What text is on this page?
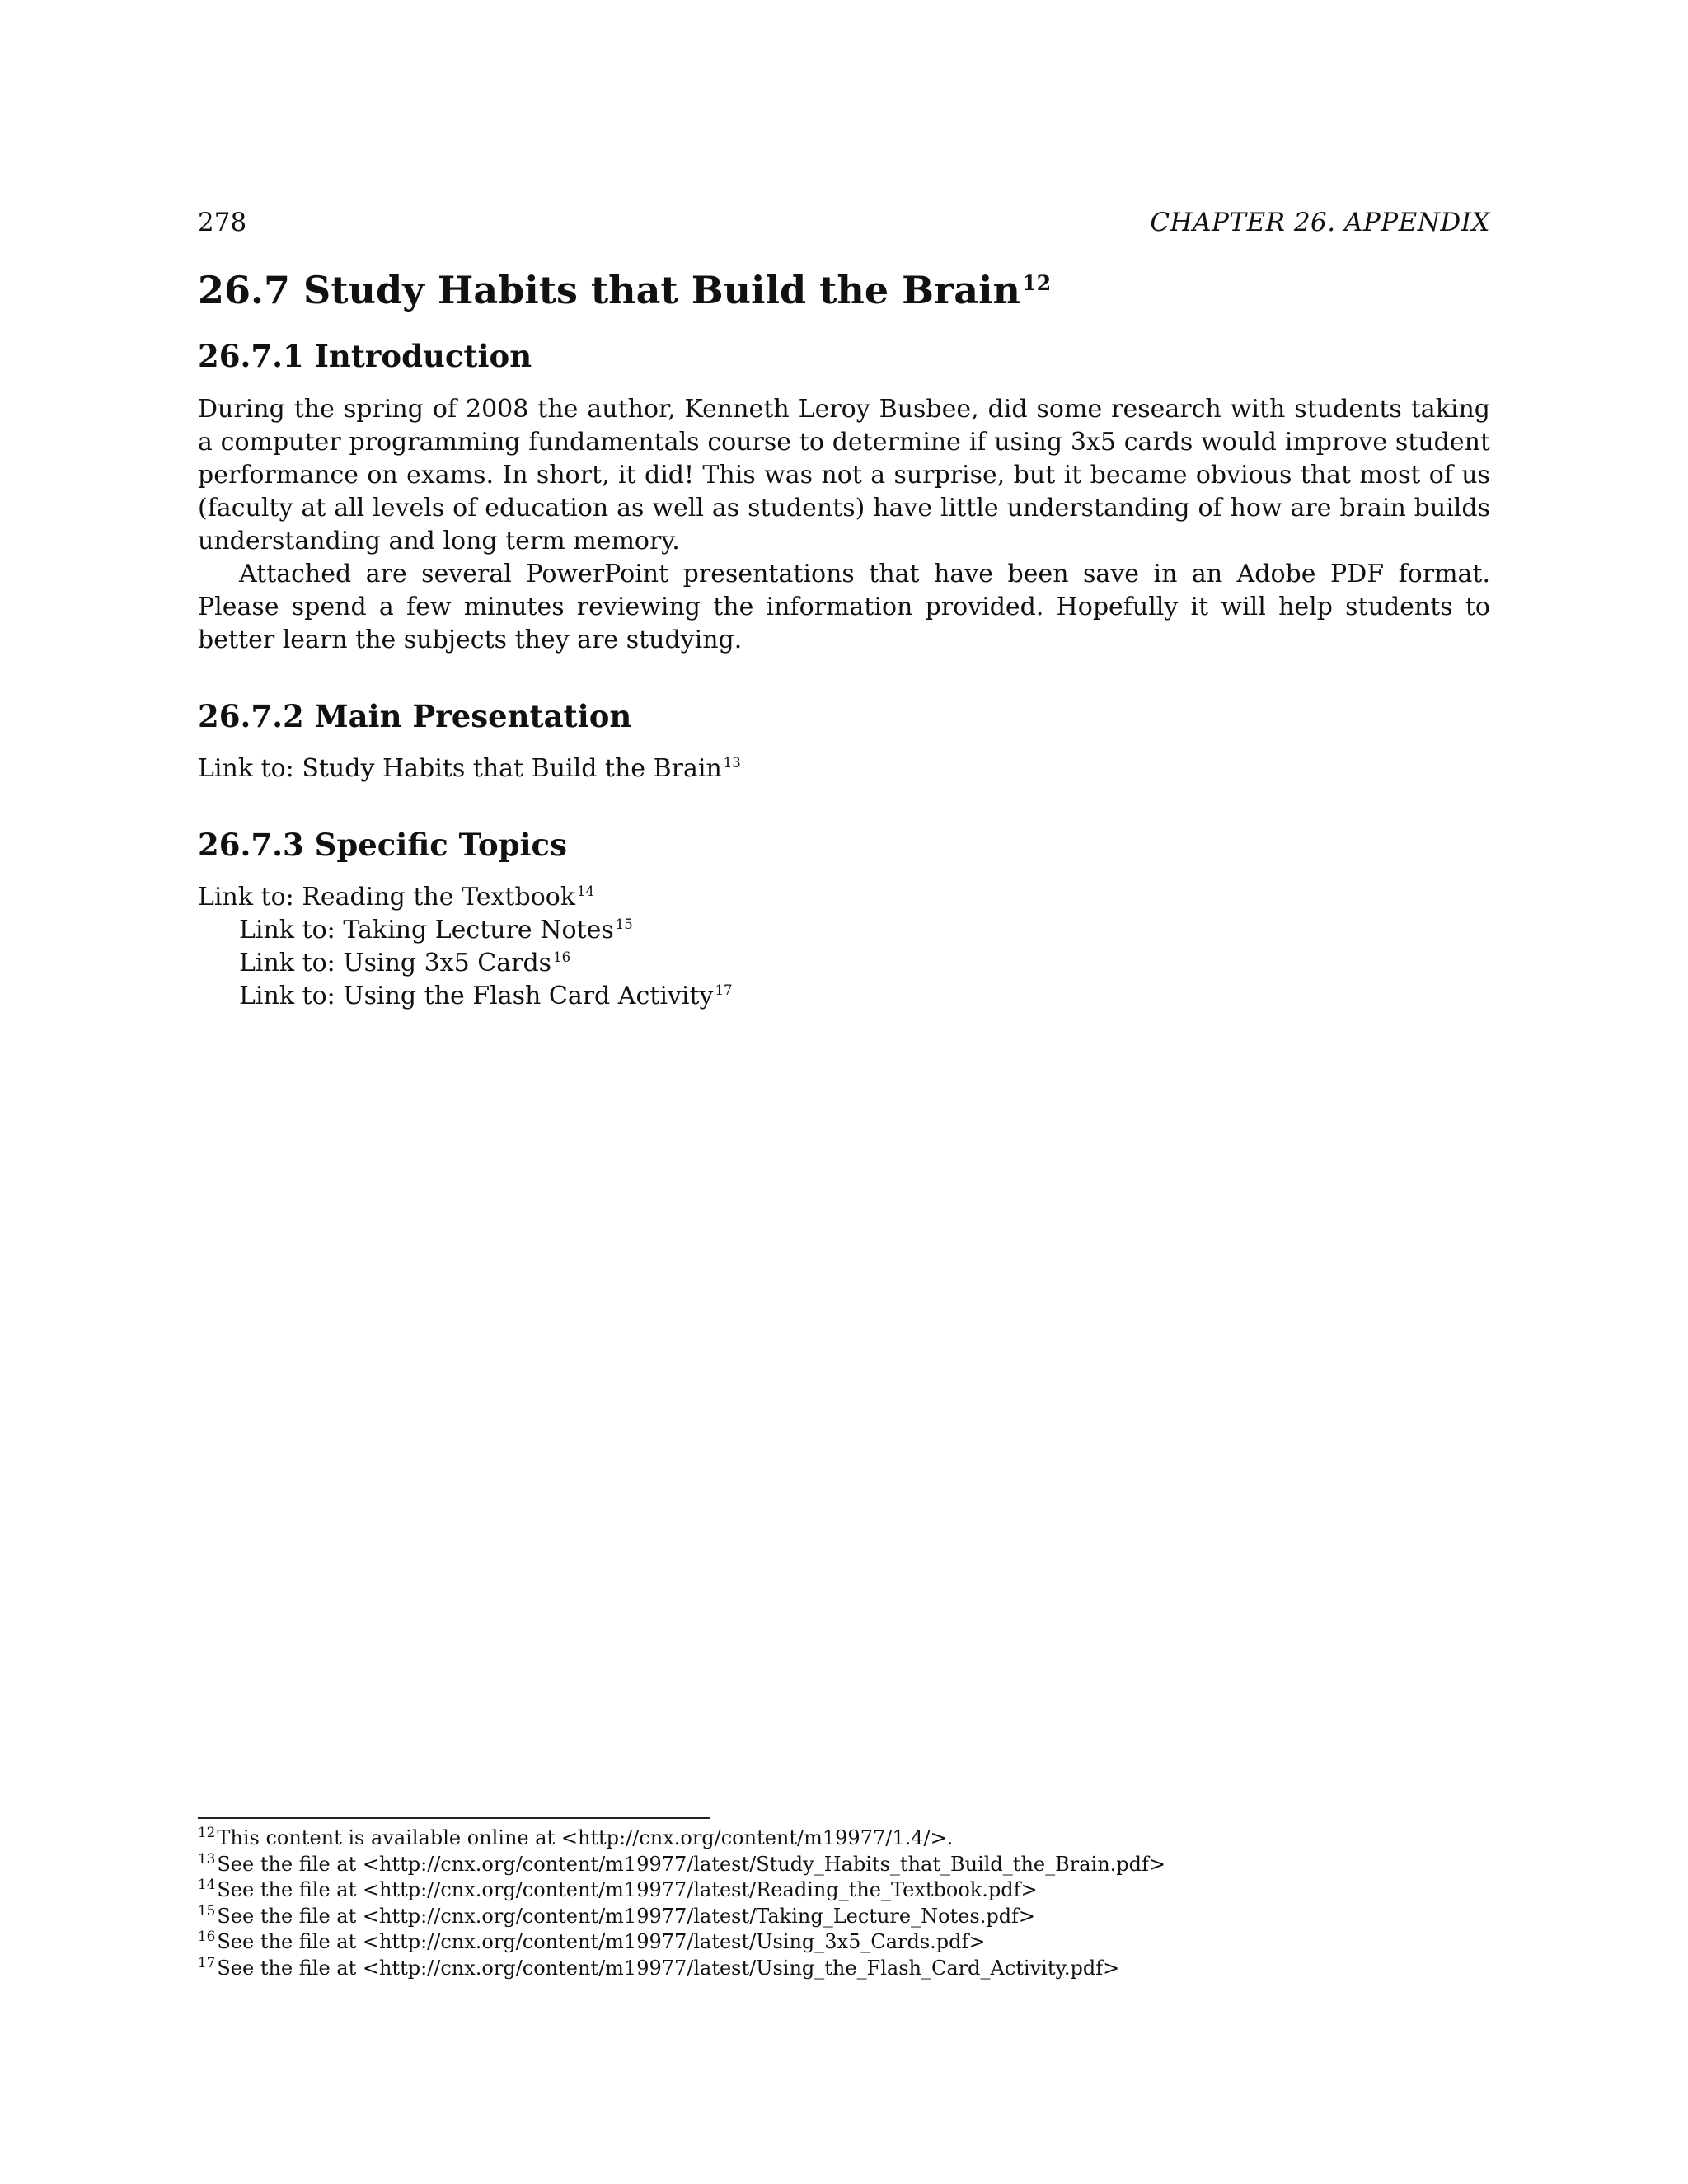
278	CHAPTER 26. APPENDIX
26.7 Study Habits that Build the Brain$^{12}$
26.7.1 Introduction

During the spring of 2008 the author, Kenneth Leroy Busbee, did some research with students taking a computer programming fundamentals course to determine if using 3x5 cards would improve student performance on exams. In short, it did! This was not a surprise, but it became obvious that most of us (faculty at all levels of education as well as students) have little understanding of how are brain builds understanding and long term memory.

Attached are several PowerPoint presentations that have been save in an Adobe PDF format. Please spend a few minutes reviewing the information provided. Hopefully it will help students to better learn the subjects they are studying.

26.7.2 Main Presentation
Link to: Study Habits that Build the Brain $^{13}$
26.7.3 Specific Topics
Link to: Reading the Textbook $^{14}$
Link to: Taking Lecture Notes $^{15}$
Link to: Using 3x5 Cards $^{16}$
Link to: Using the Flash Card Activity $^{17}$
$^{12}$This content is available online at <http://cnx.org/content/m19977/1.4/>.
$^{13}$See the file at <http://cnx.org/content/m19977/latest/Study_Habits_that_Build_the_Brain.pdf>
$^{14}$See the file at <http://cnx.org/content/m19977/latest/Reading_the_Textbook.pdf>
$^{15}$See the file at <http://cnx.org/content/m19977/latest/Taking_Lecture_Notes.pdf>
$^{16}$See the file at <http://cnx.org/content/m19977/latest/Using_3x5_Cards.pdf>
$^{17}$See the file at <http://cnx.org/content/m19977/latest/Using_the_Flash_Card_Activity.pdf>
